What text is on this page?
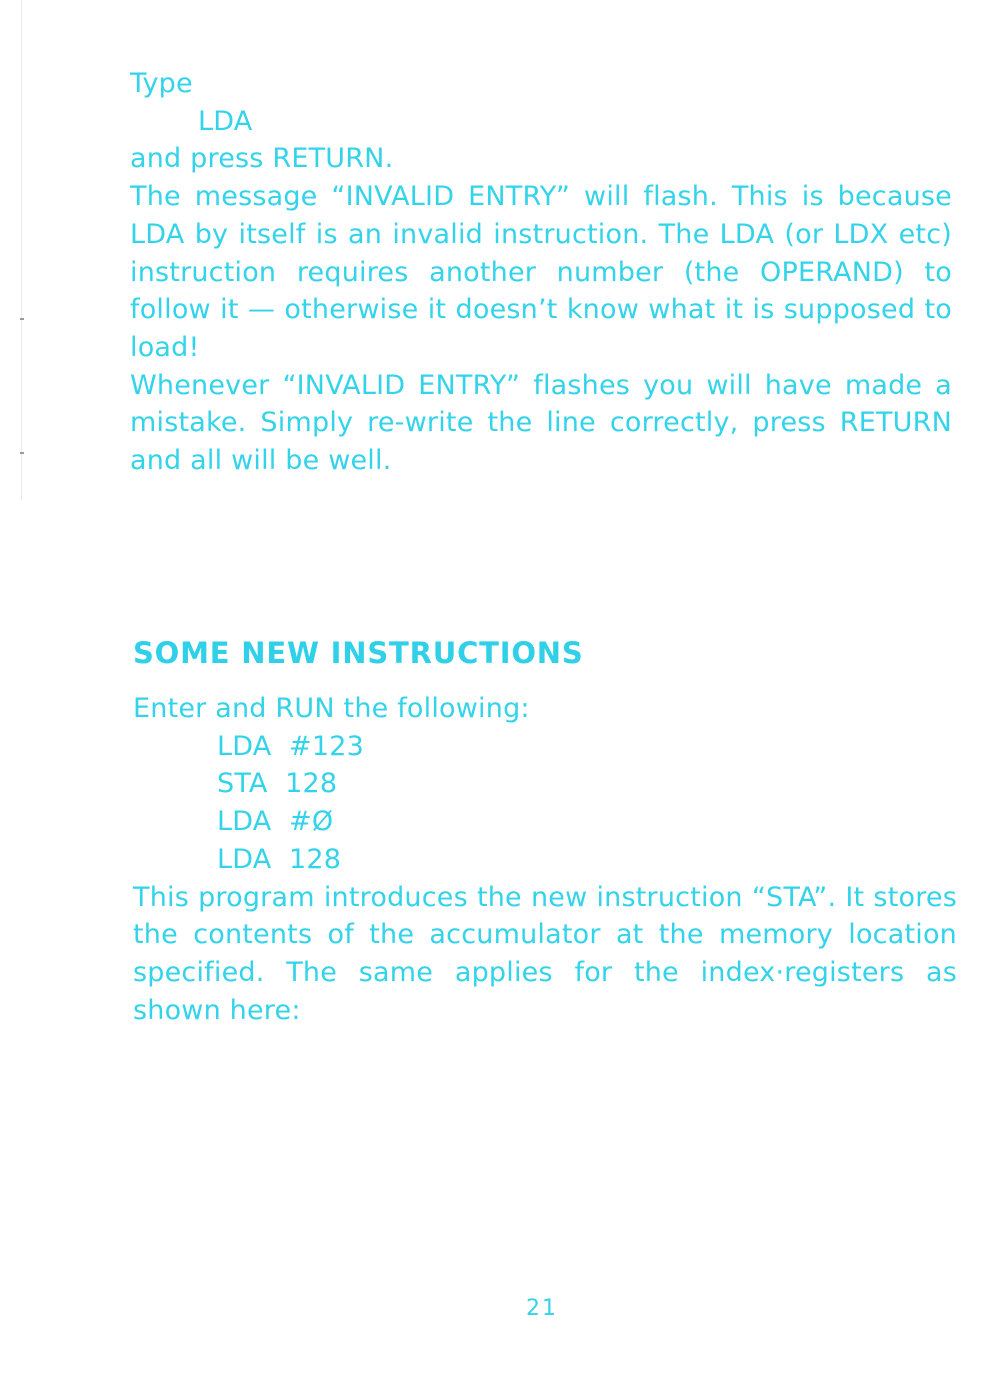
Type

LDA

and press RETURN.

The message “INVALID ENTRY” will flash. This is because LDA by itself is an invalid instruction. The LDA (or LDX etc) instruction requires another number (the OPERAND) to follow it — otherwise it doesn’t know what it is supposed to load!

Whenever “INVALID ENTRY” flashes you will have made a mistake. Simply re-write the line correctly, press RETURN and all will be well.

SOME NEW INSTRUCTIONS

Enter and RUN the following:

LDA  #123

STA  128

LDA  #Ø

LDA  128

This program introduces the new instruction “STA”. It stores the contents of the accumulator at the memory location specified. The same applies for the index·registers as shown here:

21
